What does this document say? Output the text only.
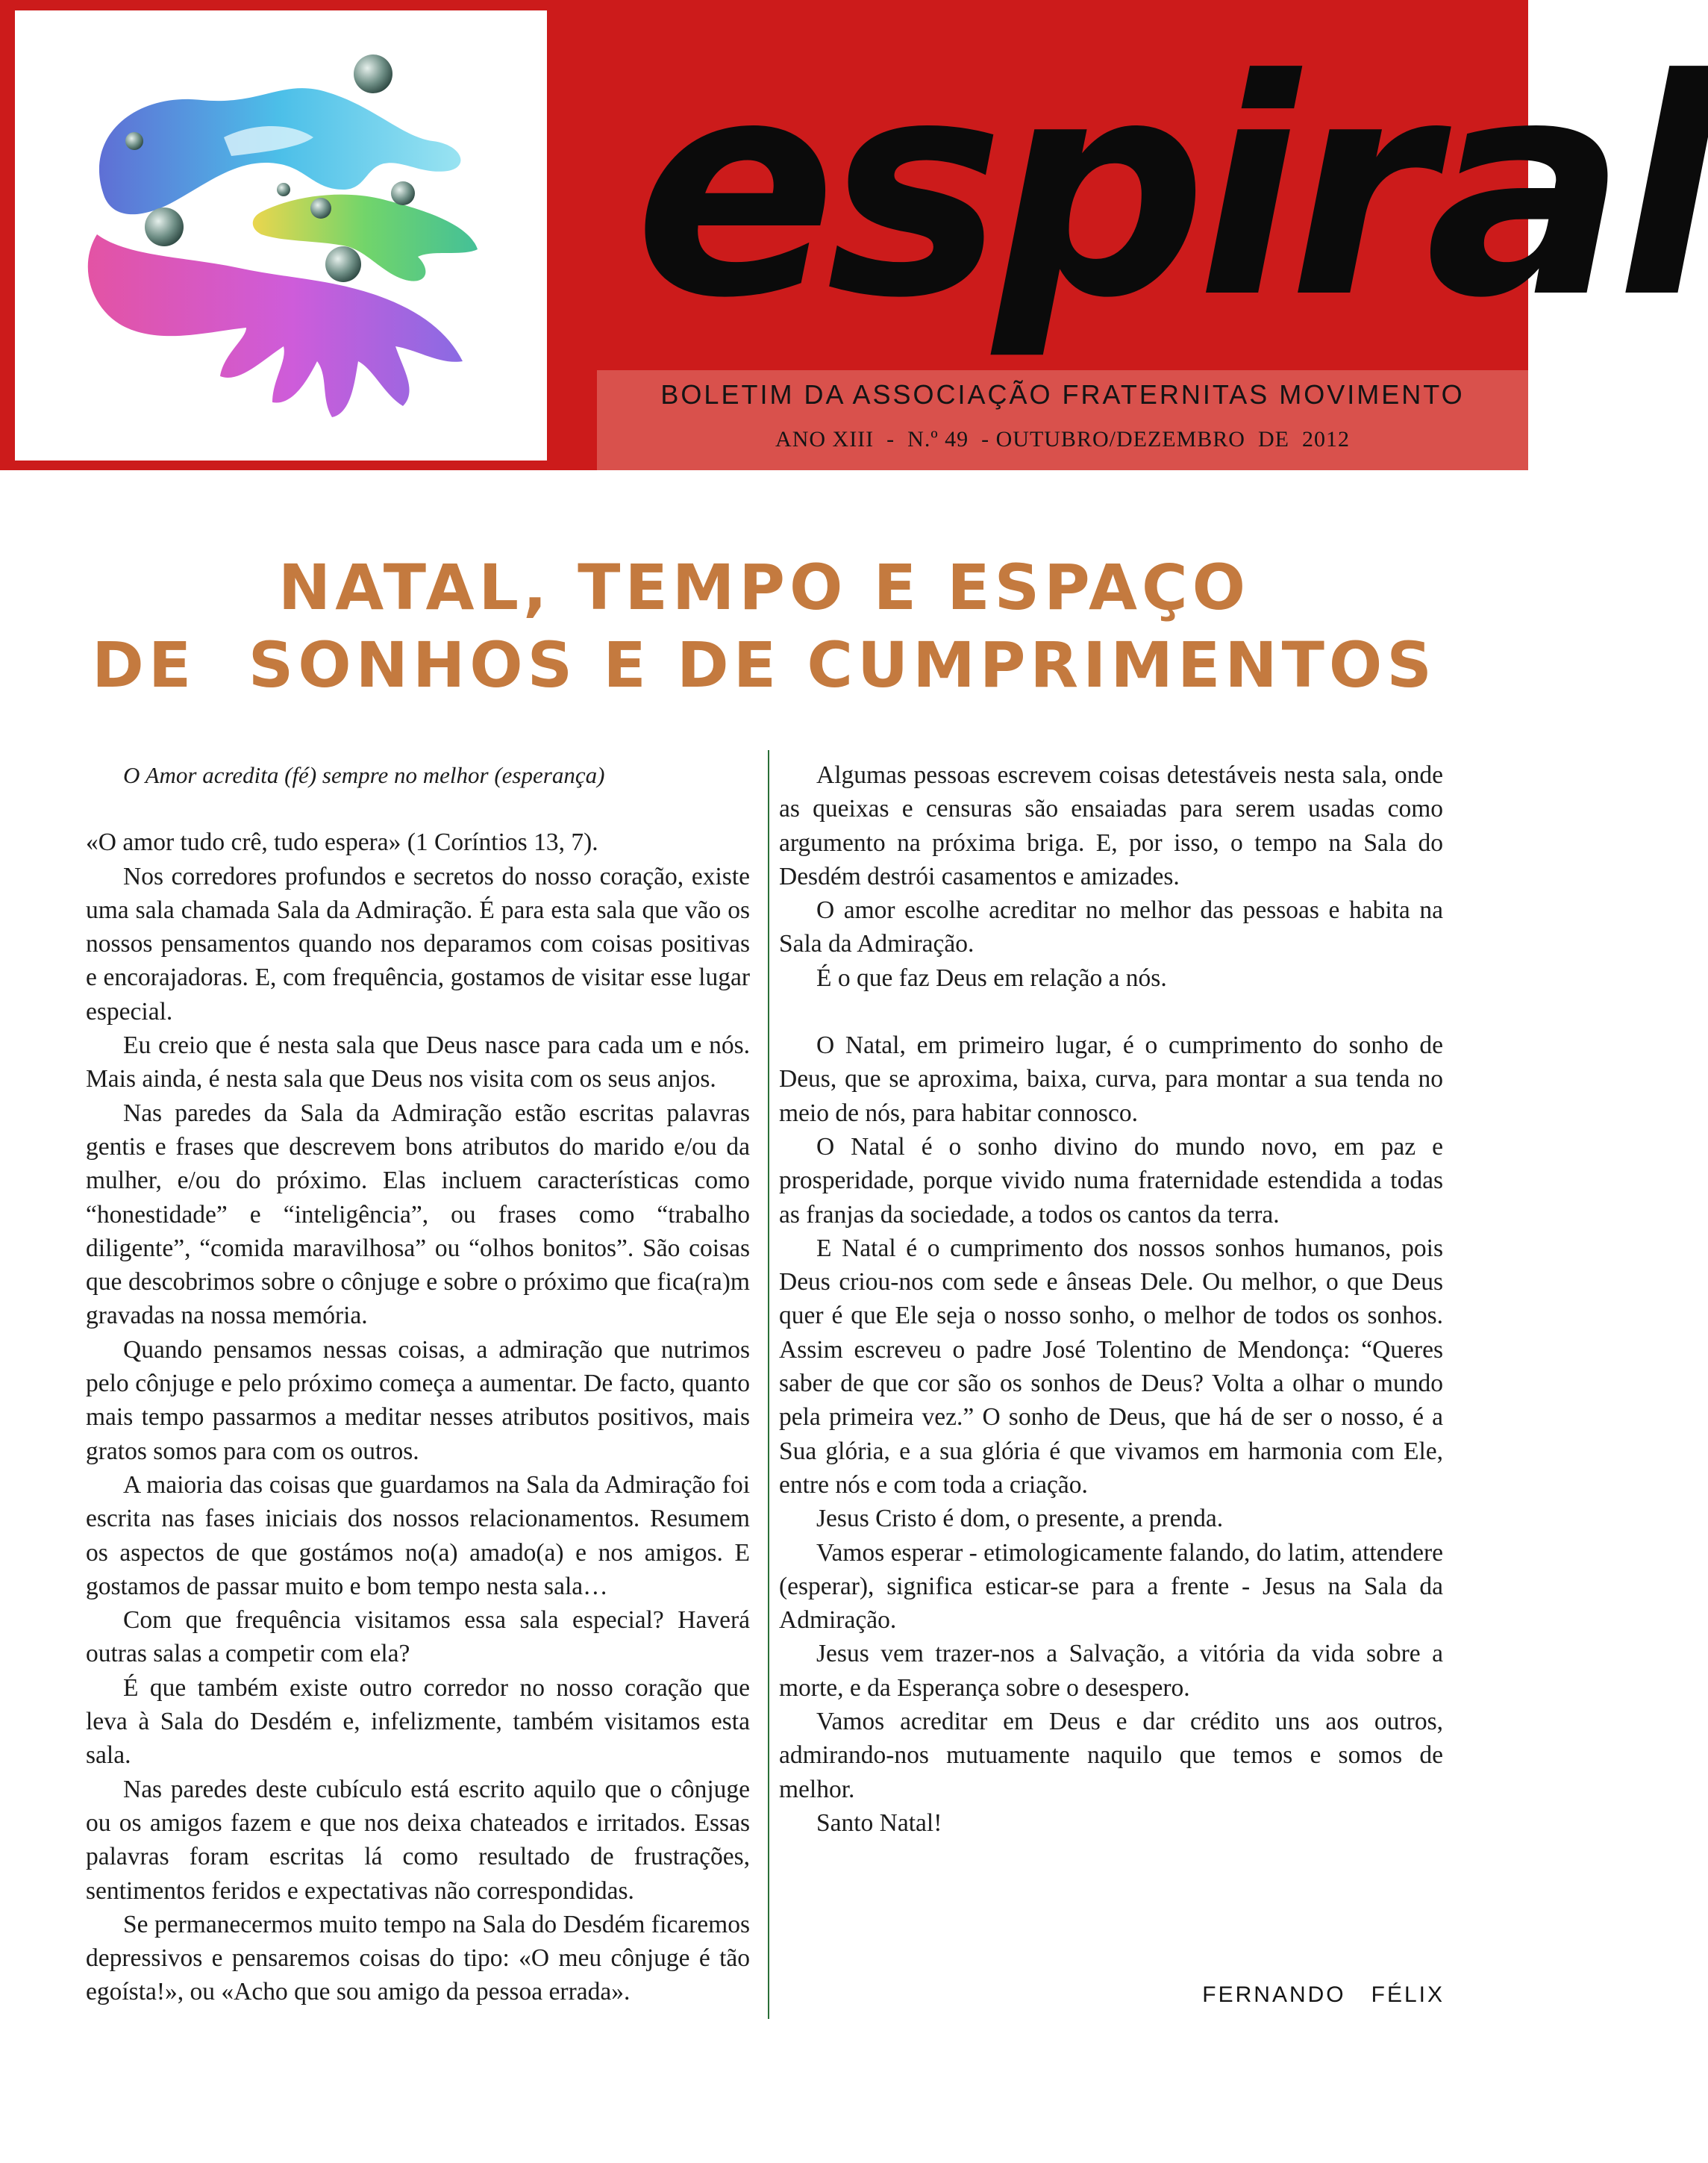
espiral
BOLETIM DA ASSOCIAÇÃO FRATERNITAS MOVIMENTO
ANO XIII  -  N.º 49  - OUTUBRO/DEZEMBRO  DE  2012
NATAL, TEMPO E ESPAÇO
DE  SONHOS E DE CUMPRIMENTOS

O Amor acredita (fé) sempre no melhor (esperança)

«O amor tudo crê, tudo espera» (1 Coríntios 13, 7).

Nos corredores profundos e secretos do nosso coração, existe uma sala chamada Sala da Admiração. É para esta sala que vão os nossos pensamentos quando nos deparamos com coisas positivas e encorajadoras. E, com frequência, gostamos de visitar esse lugar especial.

Eu creio que é nesta sala que Deus nasce para cada um e nós. Mais ainda, é nesta sala que Deus nos visita com os seus anjos.

Nas paredes da Sala da Admiração estão escritas palavras gentis e frases que descrevem bons atributos do marido e/ou da mulher, e/ou do próximo. Elas incluem características como “honestidade” e “inteligência”, ou frases como “trabalho diligente”, “comida maravilhosa” ou “olhos bonitos”. São coisas que descobrimos sobre o cônjuge e sobre o próximo que fica(ra)m gravadas na nossa memória.

Quando pensamos nessas coisas, a admiração que nutrimos pelo cônjuge e pelo próximo começa a aumentar. De facto, quanto mais tempo passarmos a meditar nesses atributos positivos, mais gratos somos para com os outros.

A maioria das coisas que guardamos na Sala da Admiração foi escrita nas fases iniciais dos nossos relacionamentos. Resumem os aspectos de que gostámos no(a) amado(a) e nos amigos. E gostamos de passar muito e bom tempo nesta sala…

Com que frequência visitamos essa sala especial? Haverá outras salas a competir com ela?

É que também existe outro corredor no nosso coração que leva à Sala do Desdém e, infelizmente, também visitamos esta sala.

Nas paredes deste cubículo está escrito aquilo que o cônjuge ou os amigos fazem e que nos deixa chateados e irritados. Essas palavras foram escritas lá como resultado de frustrações, sentimentos feridos e expectativas não correspondidas.

Se permanecermos muito tempo na Sala do Desdém ficaremos depressivos e pensaremos coisas do tipo: «O meu cônjuge é tão egoísta!», ou «Acho que sou amigo da pessoa errada».

Algumas pessoas escrevem coisas detestáveis nesta sala, onde as queixas e censuras são ensaiadas para serem usadas como argumento na próxima briga. E, por isso, o tempo na Sala do Desdém destrói casamentos e amizades.

O amor escolhe acreditar no melhor das pessoas e habita na Sala da Admiração.

É o que faz Deus em relação a nós.

O Natal, em primeiro lugar, é o cumprimento do sonho de Deus, que se aproxima, baixa, curva, para montar a sua tenda no meio de nós, para habitar connosco.

O Natal é o sonho divino do mundo novo, em paz e prosperidade, porque vivido numa fraternidade estendida a todas as franjas da sociedade, a todos os cantos da terra.

E Natal é o cumprimento dos nossos sonhos humanos, pois Deus criou-nos com sede e ânseas Dele. Ou melhor, o que Deus quer é que Ele seja o nosso sonho, o melhor de todos os sonhos. Assim escreveu o padre José Tolentino de Mendonça: “Queres saber de que cor são os sonhos de Deus? Volta a olhar o mundo pela primeira vez.” O sonho de Deus, que há de ser o nosso, é a Sua glória, e a sua glória é que vivamos em harmonia com Ele, entre nós e com toda a criação.

Jesus Cristo é dom, o presente, a prenda.

Vamos esperar - etimologicamente falando, do latim, attendere (esperar), significa esticar-se para a frente - Jesus na Sala da Admiração.

Jesus vem trazer-nos a Salvação, a vitória da vida sobre a morte, e da Esperança sobre o desespero.

Vamos acreditar em Deus e dar crédito uns aos outros, admirando-nos mutuamente naquilo que temos e somos de melhor.

Santo Natal!

FERNANDO   FÉLIX
